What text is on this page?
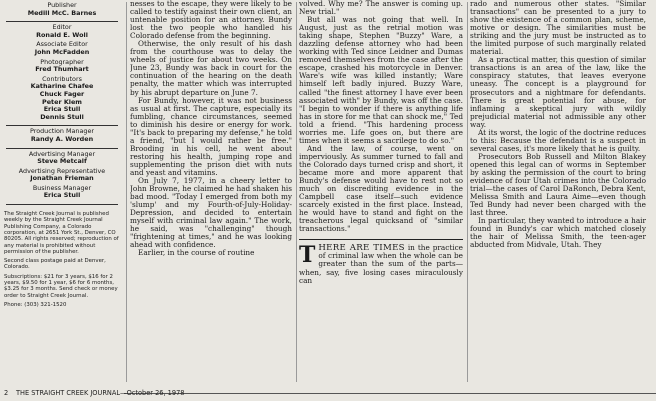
Publisher
Medill McC. Barnes
Editor
Ronald E. Woll
Associate Editor
John McFadden
Photographer
Fred Thumhart
Contributors
Katharine Chafee
Chuck Fager
Peter Klem
Erica Stull
Dennis Stull
Production Manager
Randy A. Worden
Advertising Manager
Steve Metcalf
Advertising Representative
Jonathan Frieman
Business Manager
Erica Stull

The Straight Creek Journal is published weekly by the Straight Creek Journal Publishing Company, a Colorado corporation, at 2651 York St., Denver, CO 80205. All rights reserved; reproduction of any material is prohibited without permission of the publisher.

Second class postage paid at Denver, Colorado.

Subscriptions: $21 for 3 years, $16 for 2 years, $9.50 for 1 year, $6 for 6 months, $3.25 for 3 months. Send check or money order to Straight Creek Journal.

Phone: (303) 321-1520

nesses to the escape, they were likely to be called to testify against their own client, an untenable position for an attorney. Bundy lost the two people who handled his Colorado defense from the beginning.

Otherwise, the only result of his dash from the courthouse was to delay the wheels of justice for about two weeks. On June 23, Bundy was back in court for the continuation of the hearing on the death penalty, the matter which was interrupted by his abrupt departure on June 7.

For Bundy, however, it was not business as usual at first. The capture, especially its fumbling, chance circumstances, seemed to diminish his desire or energy for work. "It's back to preparing my defense," he told a friend, "but I would rather be free." Brooding in his cell, he went about restoring his health, jumping rope and supplementing the prison diet with nuts and yeast and vitamins.

On July 7, 1977, in a cheery letter to John Browne, he claimed he had shaken his bad mood. "Today I emerged from both my 'slump' and my Fourth-of-July-Holiday-Depression, and decided to entertain myself with criminal law again." The work, he said, was "challenging" though "frightening at times," and he was looking ahead with confidence.

Earlier, in the course of routine

volved. Why me? The answer is coming up. New trial."

But all was not going that well. In August, just as the retrial motion was taking shape, Stephen "Buzzy" Ware, a dazzling defense attorney who had been working with Ted since Leidner and Dumas removed themselves from the case after the escape, crashed his motorcycle in Denver. Ware's wife was killed instantly; Ware himself left badly injured. Buzzy Ware, called "the finest attorney I have ever been associated with" by Bundy, was off the case. "I begin to wonder if there is anything life has in store for me that can shock me," Ted told a friend. "This hardening process worries me. Life goes on, but there are times when it seems a sacrilege to do so."

And the law, of course, went on imperviously. As summer turned to fall and the Colorado days turned crisp and short, it became more and more apparent that Bundy's defense would have to rest not so much on discrediting evidence in the Campbell case itself—such evidence scarcely existed in the first place. Instead, he would have to stand and fight on the treacherous legal quicksand of "similar transactions."

THERE ARE TIMES in the practice of criminal law when the whole can be greater than the sum of the parts—when, say, five losing cases miraculously can

rado and numerous other states. "Similar transactions" can be presented to a jury to show the existence of a common plan, scheme, motive or design. The similarities must be striking and the jury must be instructed as to the limited purpose of such marginally related material.

As a practical matter, this question of similar transactions is an area of the law, like the conspiracy statutes, that leaves everyone uneasy. The concept is a playground for prosecutors and a nightmare for defendants. There is great potential for abuse, for inflaming a skeptical jury with wildly prejudicial material not admissible any other way.

At its worst, the logic of the doctrine reduces to this: Because the defendant is a suspect in several cases, it's more likely that he is guilty.

Prosecutors Bob Russell and Milton Blakey opened this legal can of worms in September by asking the permission of the court to bring evidence of four Utah crimes into the Colorado trial—the cases of Carol DaRonch, Debra Kent, Melissa Smith and Laura Aime—even though Ted Bundy had never been charged with the last three.

In particular, they wanted to introduce a hair found in Bundy's car which matched closely the hair of Melissa Smith, the teen-ager abducted from Midvale, Utah. They

2 THE STRAIGHT CREEK JOURNAL—October 26, 1978
